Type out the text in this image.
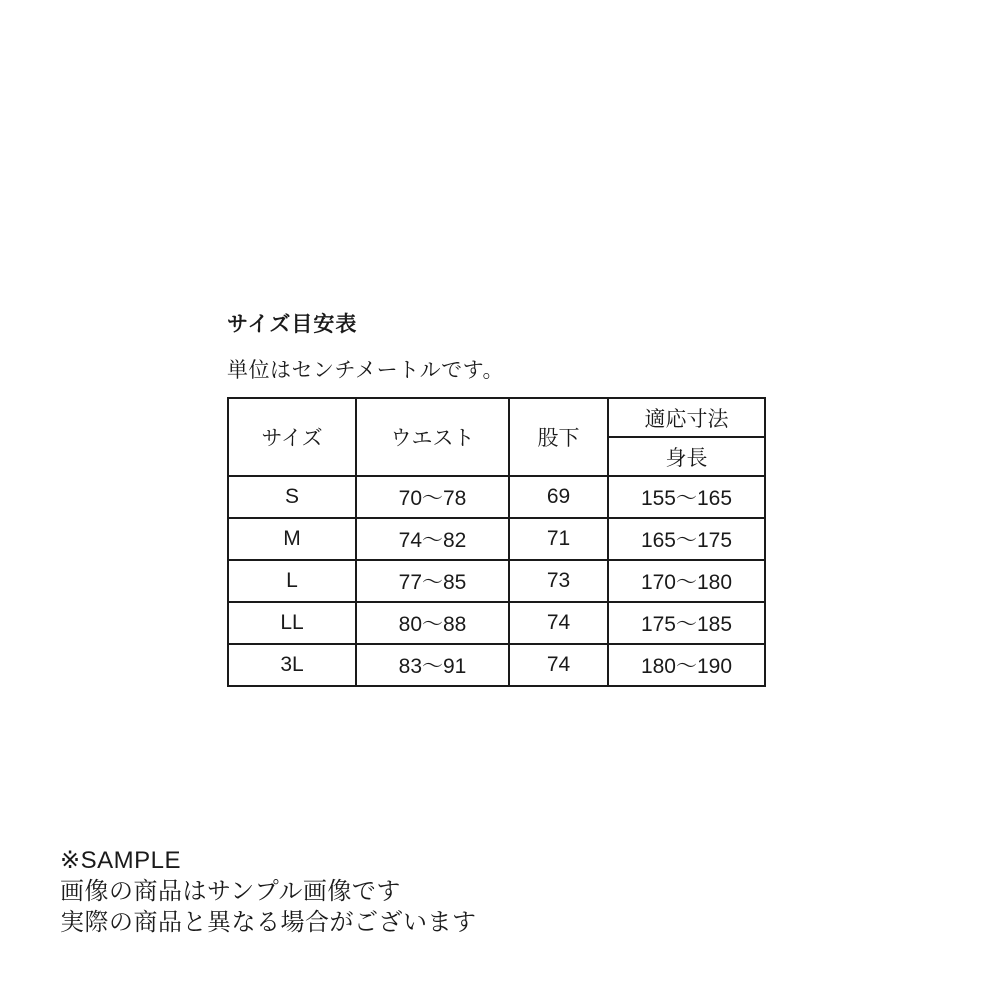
サイズ目安表
単位はセンチメートルです。
サイズ	ウエスト	股下	適応寸法
			身長
S	70〜78	69	155〜165
M	74〜82	71	165〜175
L	77〜85	73	170〜180
LL	80〜88	74	175〜185
3L	83〜91	74	180〜190
※SAMPLE
画像の商品はサンプル画像です
実際の商品と異なる場合がございます
